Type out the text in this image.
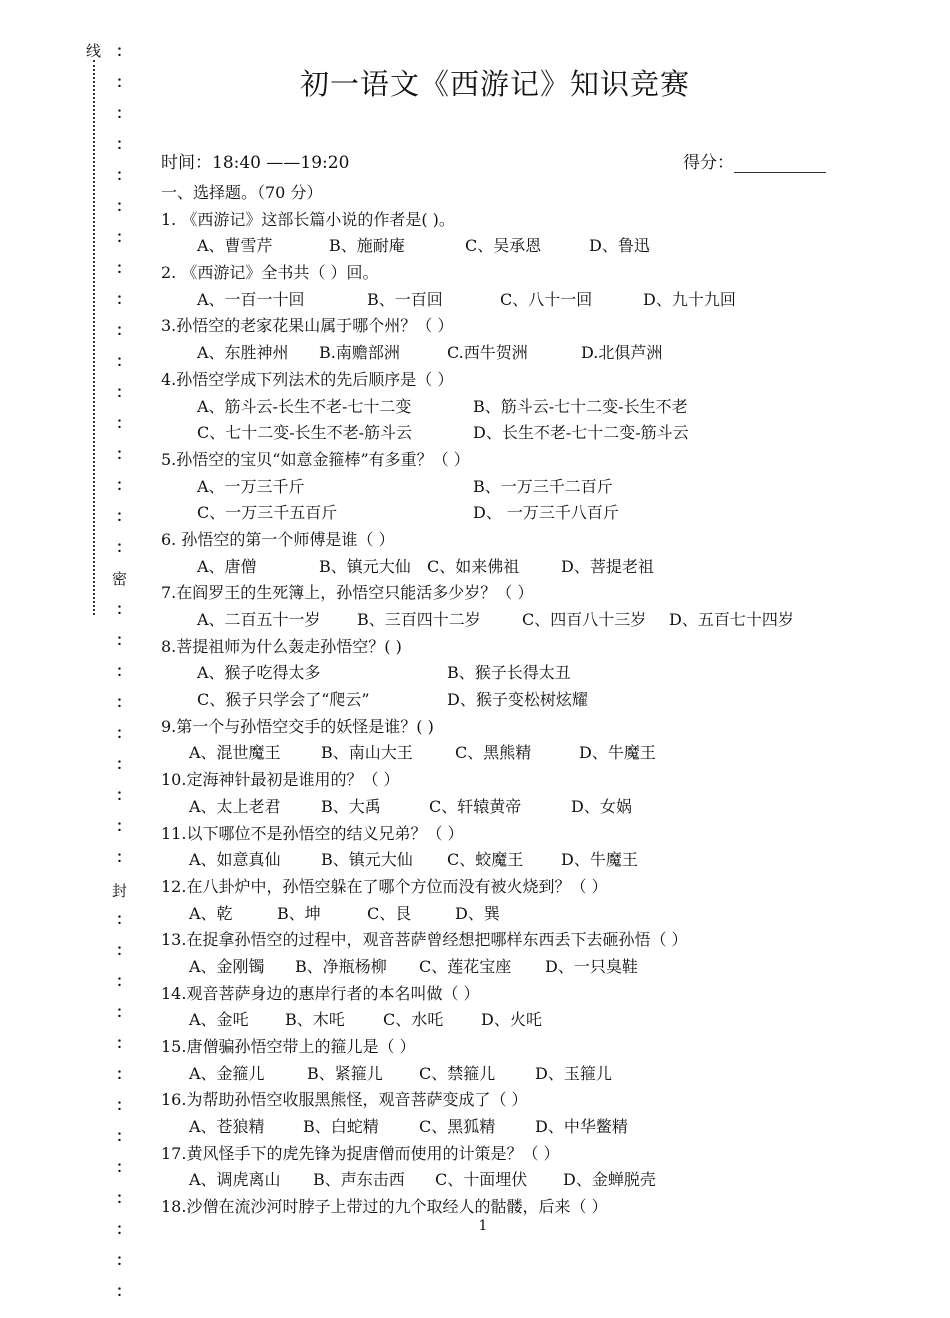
线
密
封
：
：
：
：
：
：
：
：
：
：
：
：
：
：
：
：
：
：
：
：
：
：
：
：
：
：
：
：
：
：
：
：
：
：
：
：
：
：
：
初一语文《西游记》知识竞赛
时间：18:40 ——19:20	得分：
一、选择题。（70 分）
1. 《西游记》这部长篇小说的作者是( )。
A、曹雪芹	B、施耐庵	C、吴承恩	D、鲁迅
2. 《西游记》全书共（ ）回。
A、一百一十回	B、一百回	C、八十一回	D、九十九回
3.孙悟空的老家花果山属于哪个州？（ ）
A、东胜神州 B.南赡部洲	C.西牛贺洲	D.北俱芦洲
4.孙悟空学成下列法术的先后顺序是（ ）
A、筋斗云-长生不老-七十二变	B、筋斗云-七十二变-长生不老
C、七十二变-长生不老-筋斗云	D、长生不老-七十二变-筋斗云
5.孙悟空的宝贝“如意金箍棒”有多重？（ ）
A、一万三千斤	B、一万三千二百斤
C、一万三千五百斤	D、 一万三千八百斤
6. 孙悟空的第一个师傅是谁（ ）
A、唐僧	B、镇元大仙 C、如来佛祖	D、菩提老祖
7.在阎罗王的生死簿上，孙悟空只能活多少岁？（ ）
A、二百五十一岁 B、三百四十二岁	C、四百八十三岁 D、五百七十四岁
8.菩提祖师为什么轰走孙悟空？( )
A、猴子吃得太多	B、猴子长得太丑
C、猴子只学会了“爬云”	D、猴子变松树炫耀
9.第一个与孙悟空交手的妖怪是谁？( )
A、混世魔王	B、南山大王	C、黑熊精	D、牛魔王
10.定海神针最初是谁用的？（ ）
A、太上老君	B、大禹	C、轩辕黄帝	D、女娲
11.以下哪位不是孙悟空的结义兄弟？（ ）
A、如意真仙	B、镇元大仙 C、蛟魔王 D、牛魔王
12.在八卦炉中，孙悟空躲在了哪个方位而没有被火烧到？（ ）
A、乾	B、坤	C、艮	D、巽
13.在捉拿孙悟空的过程中，观音菩萨曾经想把哪样东西丢下去砸孙悟（ ）
A、金刚镯 B、净瓶杨柳 C、莲花宝座 D、一只臭鞋
14.观音菩萨身边的惠岸行者的本名叫做（ ）
A、金吒 B、木吒 C、水吒 D、火吒
15.唐僧骗孙悟空带上的箍儿是（ ）
A、金箍儿	B、紧箍儿 C、禁箍儿 D、玉箍儿
16.为帮助孙悟空收服黑熊怪，观音菩萨变成了（ ）
A、苍狼精 B、白蛇精	C、黑狐精 D、中华鳖精
17.黄风怪手下的虎先锋为捉唐僧而使用的计策是？（ ）
A、调虎离山 B、声东击西 C、十面埋伏 D、金蝉脱壳
18.沙僧在流沙河时脖子上带过的九个取经人的骷髅，后来（ ）
1
